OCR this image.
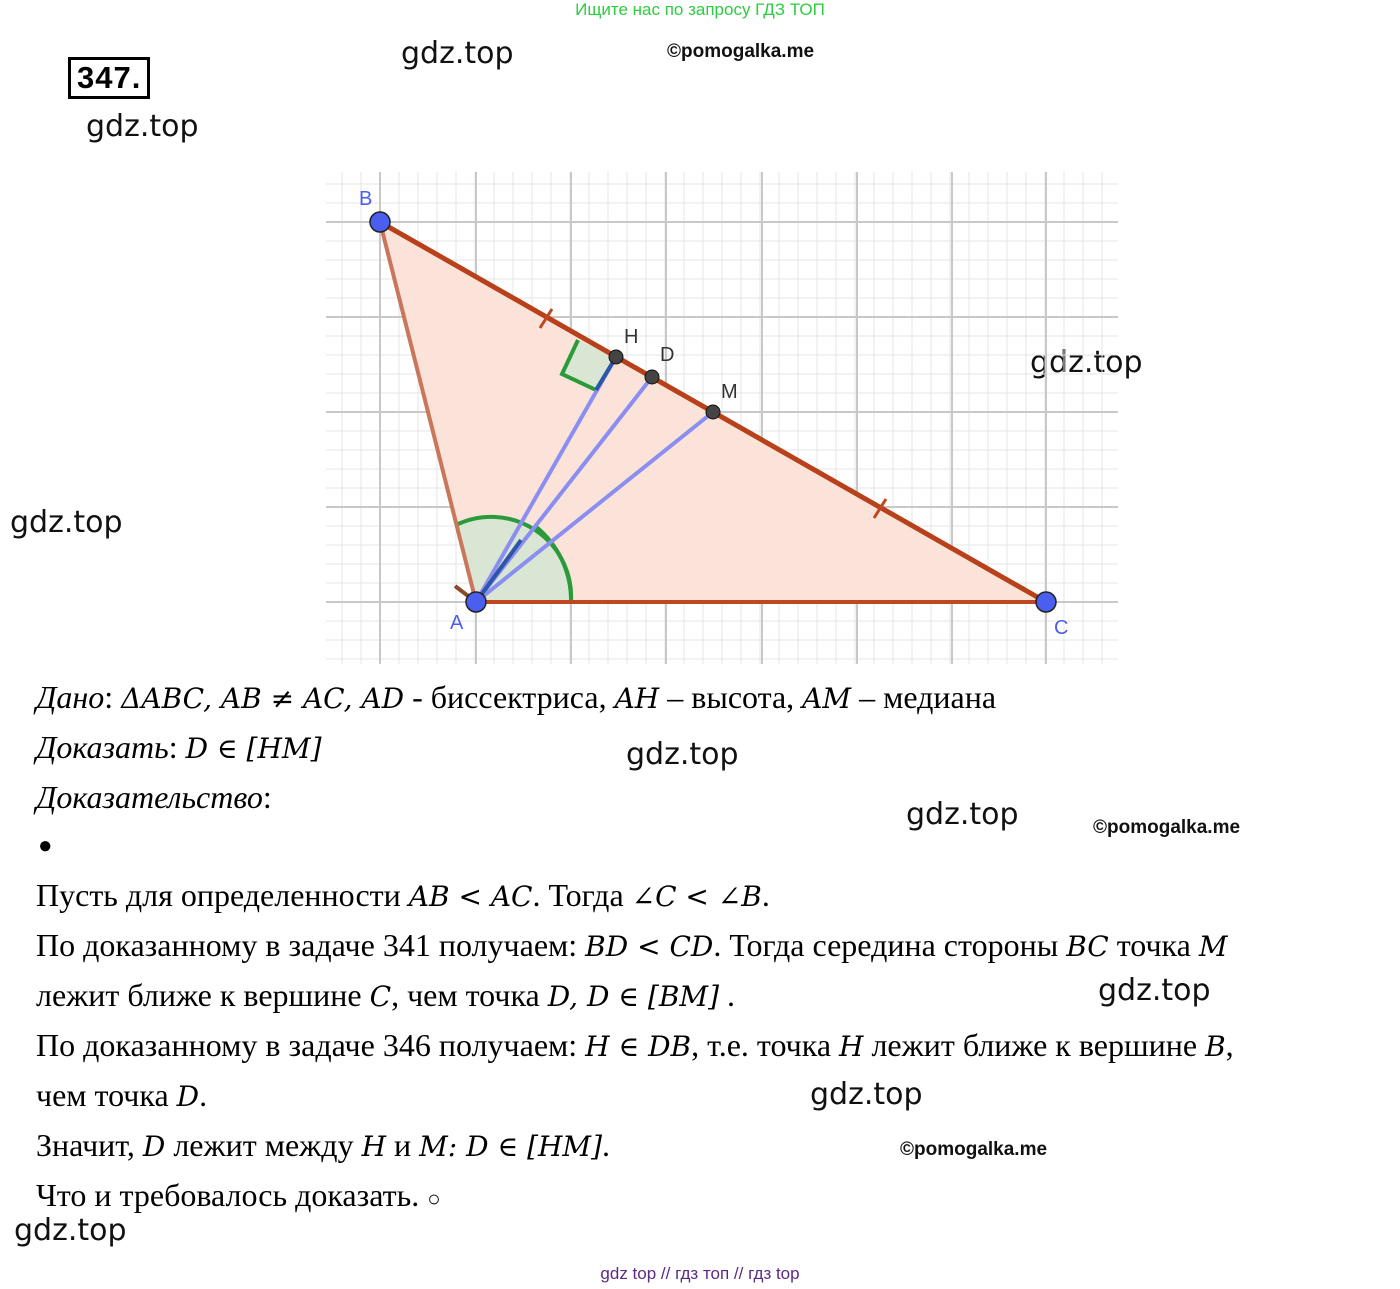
Ищите нас по запросу ГДЗ ТОП
347.
gdz.top	©pomogalka.me
gdz.top
gdz.top
gdz.top
B
A	C
H
D
M
Дано: ΔABC, AB ≠ AC, AD - биссектриса, AH – высота, AM – медиана
Доказать: D ∈ [HM]	gdz.top
Доказательство:	gdz.top	©pomogalka.me
●
Пусть для определенности AB < AC. Тогда ∠C < ∠B.
По доказанному в задаче 341 получаем: BD < CD. Тогда середина стороны BC точка M
лежит ближе к вершине C, чем точка D, D ∈ [BM] .	gdz.top
По доказанному в задаче 346 получаем: H ∈ DB, т.е. точка H лежит ближе к вершине B,
чем точка D.	gdz.top
Значит, D лежит между H и M: D ∈ [HM].	©pomogalka.me
Что и требовалось доказать. ○
gdz.top
gdz top // гдз топ // гдз top
